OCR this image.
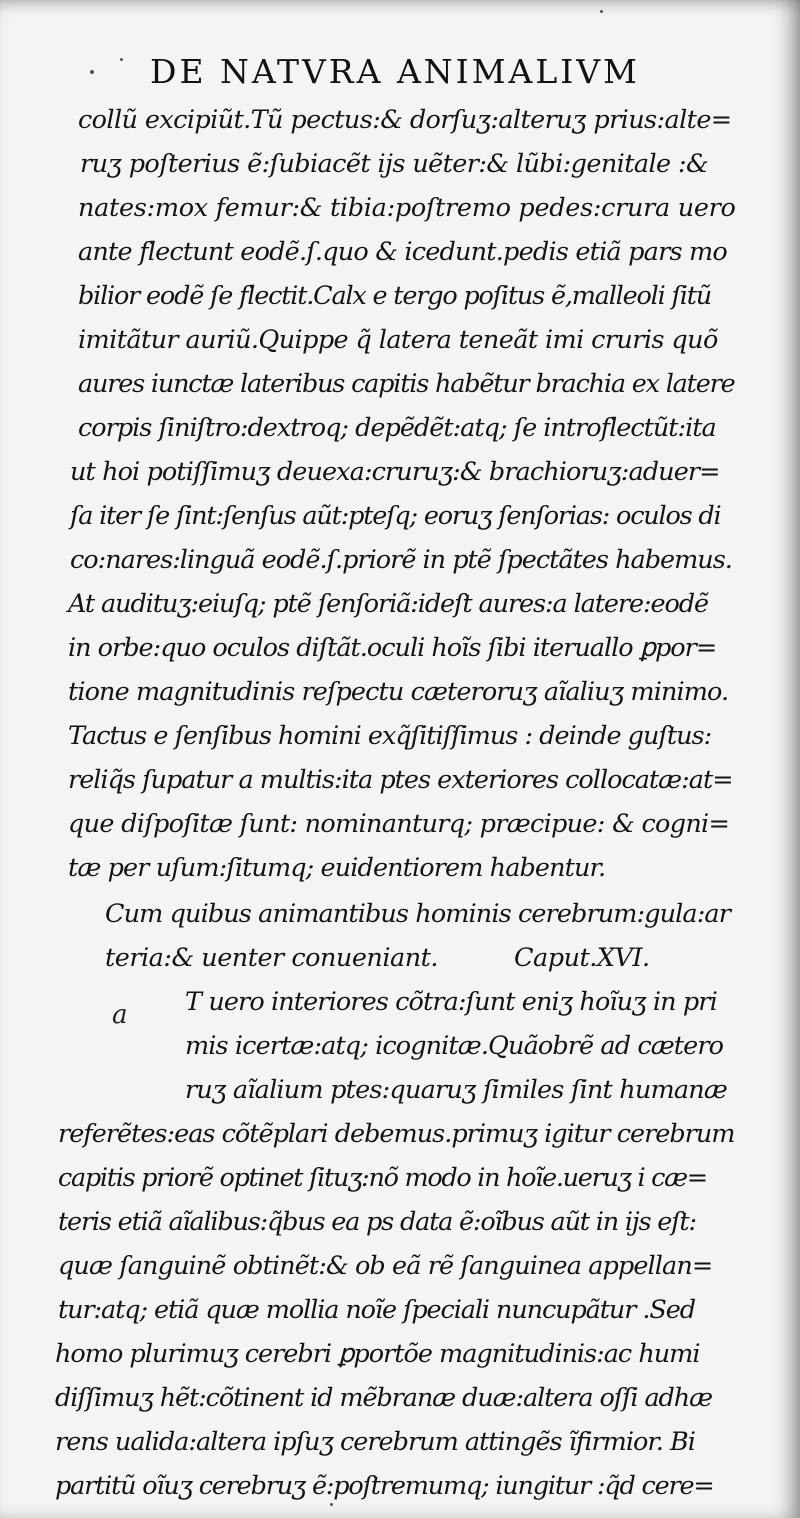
DE NATVRA ANIMALIVM
collũ excipiũt.Tũ pectus:& dorſuʒ:alteruʒ prius:alte=
ruʒ poſterius ẽ:ſubiacẽt ijs uẽter:& lũbi:genitale :&
nates:mox femur:& tibia:poſtremo pedes:crura uero
ante flectunt eodẽ.ſ.quo & icedunt.pedis etiã pars mo
bilior eodẽ ſe flectit.Calx e tergo poſitus ẽ,malleoli ſitũ
imitãtur auriũ.Quippe q̃ latera teneãt imi cruris quõ
aures iunctæ lateribus capitis habẽtur brachia ex latere
corpis ſiniſtro:dextroq; depẽdẽt:atq; ſe introflectũt:ita
ut hoi potiſſimuʒ deuexa:cruruʒ:& brachioruʒ:aduer=
ſa iter ſe ſint:ſenſus aũt:pteſq; eoruʒ ſenſorias: oculos di
co:nares:linguã eodẽ.ſ.priorẽ in ptẽ ſpectãtes habemus.
At audituʒ:eiuſq; ptẽ ſenſoriã:ideſt aures:a latere:eodẽ
in orbe:quo oculos diſtãt.oculi hoĩs ſibi iteruallo ꝑpor=
tione magnitudinis reſpectu cæteroruʒ aĩaliuʒ minimo.
Tactus e ſenſibus homini exq̃ſitiſſimus : deinde guſtus:
reliq̃s ſupatur a multis:ita ptes exteriores collocatæ:at=
que diſpoſitæ ſunt: nominanturq; præcipue: & cogni=
tæ per uſum:ſitumq; euidentiorem habentur.
Cum quibus animantibus hominis cerebrum:gula:ar
teria:& uenter conueniant.          Caput.XVI.
T uero interiores cõtra:ſunt eniʒ hoĩuʒ in pri
mis icertæ:atq; icognitæ.Quãobrẽ ad cætero
ruʒ aĩalium ptes:quaruʒ ſimiles ſint humanæ
referẽtes:eas cõtẽplari debemus.primuʒ igitur cerebrum
capitis priorẽ optinet ſituʒ:nõ modo in hoĩe.ueruʒ i cæ=
teris etiã aĩalibus:q̃bus ea ps data ẽ:oĩbus aũt in ijs eſt:
quæ ſanguinẽ obtinẽt:& ob eã rẽ ſanguinea appellan=
tur:atq; etiã quæ mollia noĩe ſpeciali nuncupãtur .Sed
homo plurimuʒ cerebri ꝑportõe magnitudinis:ac humi
diſſimuʒ hẽt:cõtinent id mẽbranæ duæ:altera oſſi adhæ
rens ualida:altera ipſuʒ cerebrum attingẽs ĩfirmior. Bi
partitũ oĩuʒ cerebruʒ ẽ:poſtremumq; iungitur :q̃d cere=
a
